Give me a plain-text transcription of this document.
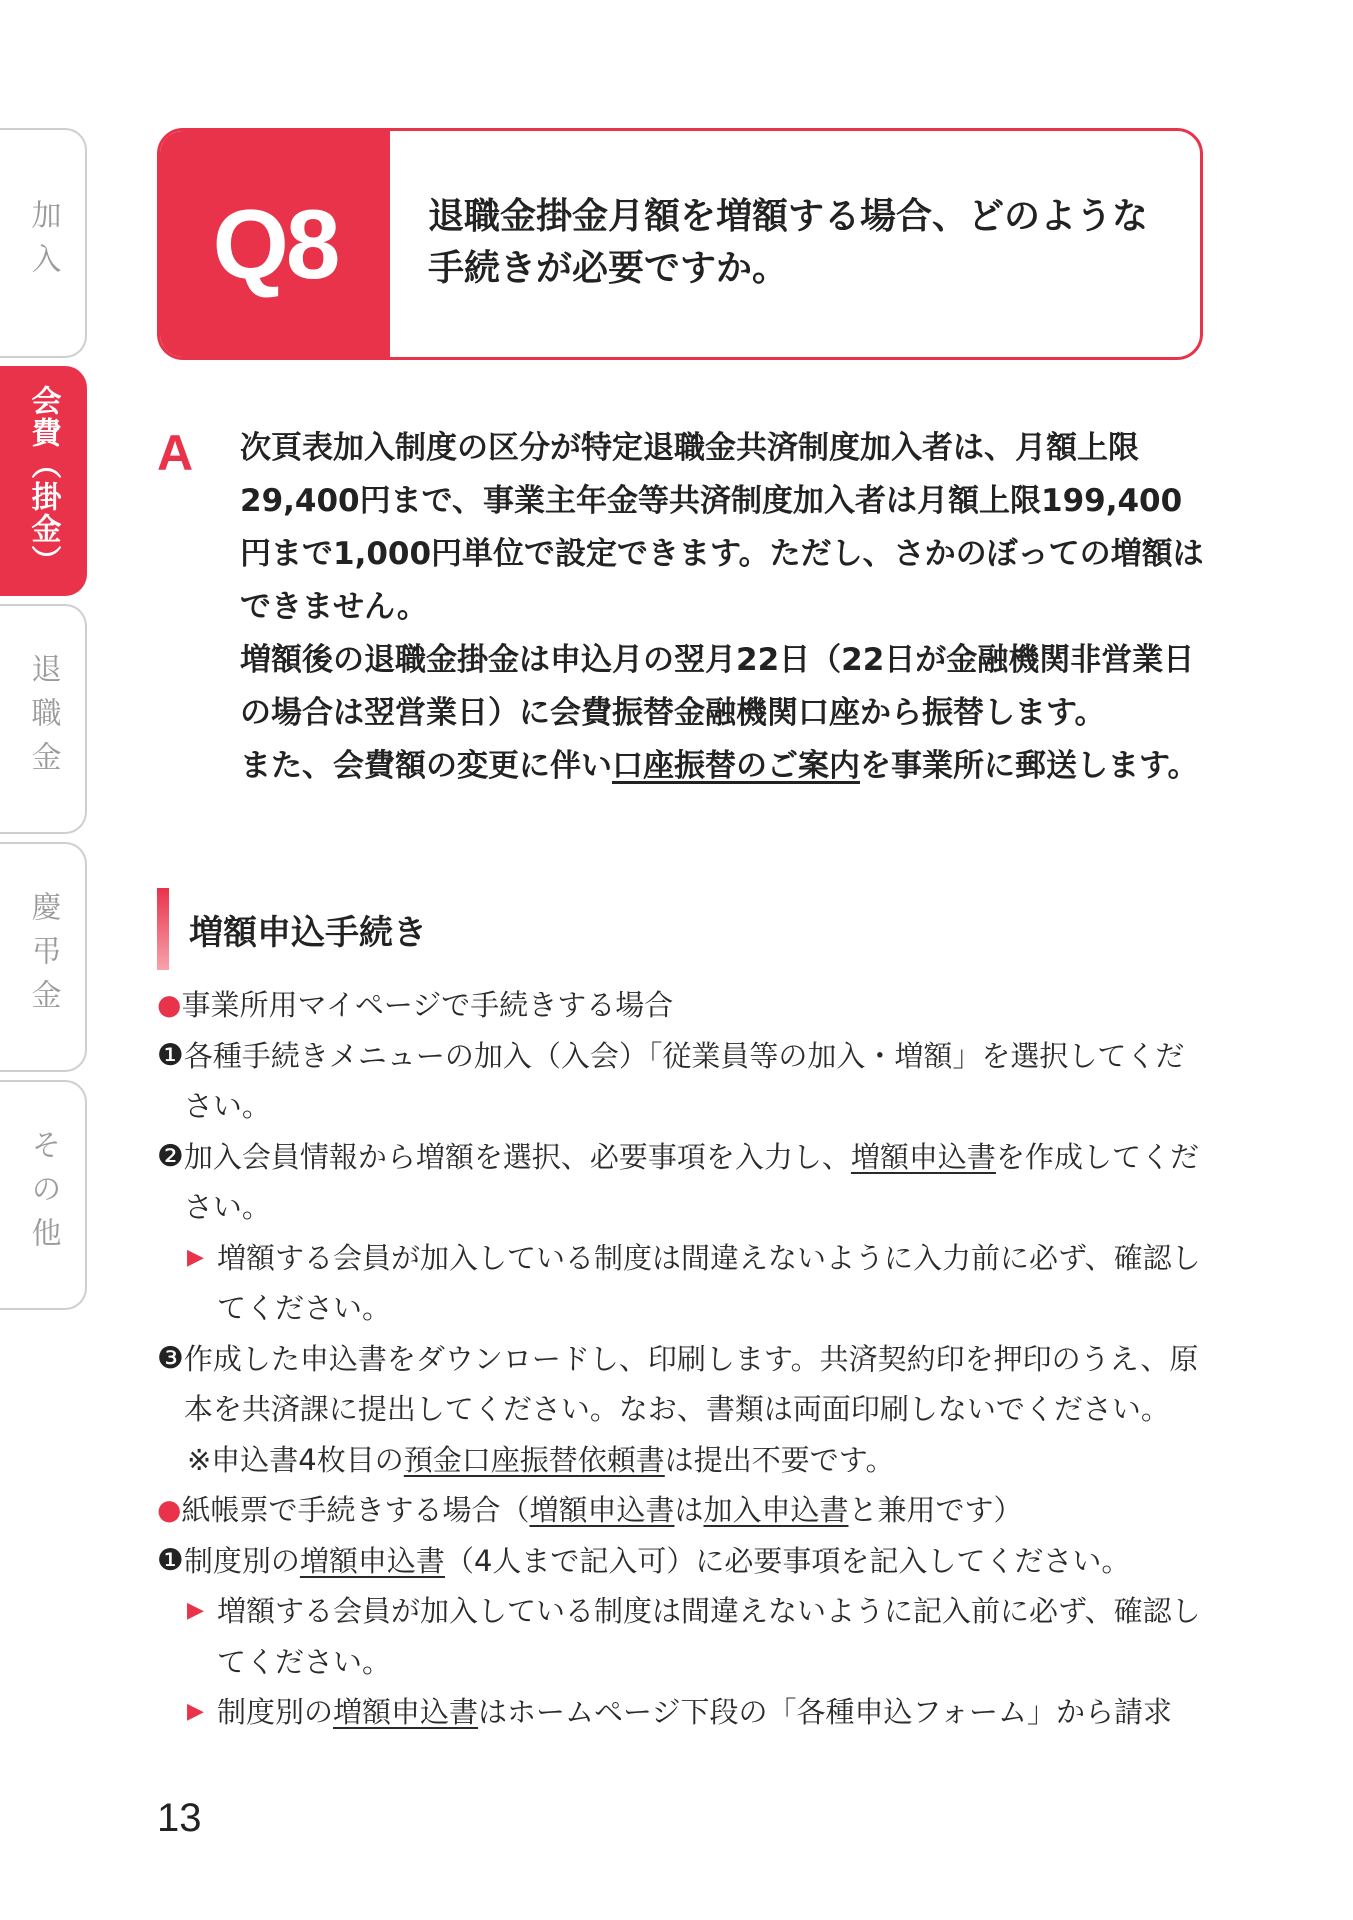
加入
会費（掛金）
退職金
慶弔金
その他
Q8	退職金掛金月額を増額する場合、どのような
手続きが必要ですか。
A 次頁表加入制度の区分が特定退職金共済制度加入者は、月額上限29,400円まで、事業主年金等共済制度加入者は月額上限199,400円まで1,000円単位で設定できます。ただし、さかのぼっての増額はできません。

増額後の退職金掛金は申込月の翌月22日（22日が金融機関非営業日の場合は翌営業日）に会費振替金融機関口座から振替します。

また、会費額の変更に伴い口座振替のご案内を事業所に郵送します。

増額申込手続き
● 事業所用マイページで手続きする場合
❶ 各種手続きメニューの加入（入会）「従業員等の加入・増額」を選択してください。
❷ 加入会員情報から増額を選択、必要事項を入力し、増額申込書を作成してください。
▶ 増額する会員が加入している制度は間違えないように入力前に必ず、確認してください。
❸ 作成した申込書をダウンロードし、印刷します。共済契約印を押印のうえ、原本を共済課に提出してください。なお、書類は両面印刷しないでください。
※申込書4枚目の預金口座振替依頼書は提出不要です。
● 紙帳票で手続きする場合（増額申込書は加入申込書と兼用です）
❶ 制度別の増額申込書（4人まで記入可）に必要事項を記入してください。
▶ 増額する会員が加入している制度は間違えないように記入前に必ず、確認してください。
▶ 制度別の増額申込書はホームページ下段の「各種申込フォーム」から請求
13
